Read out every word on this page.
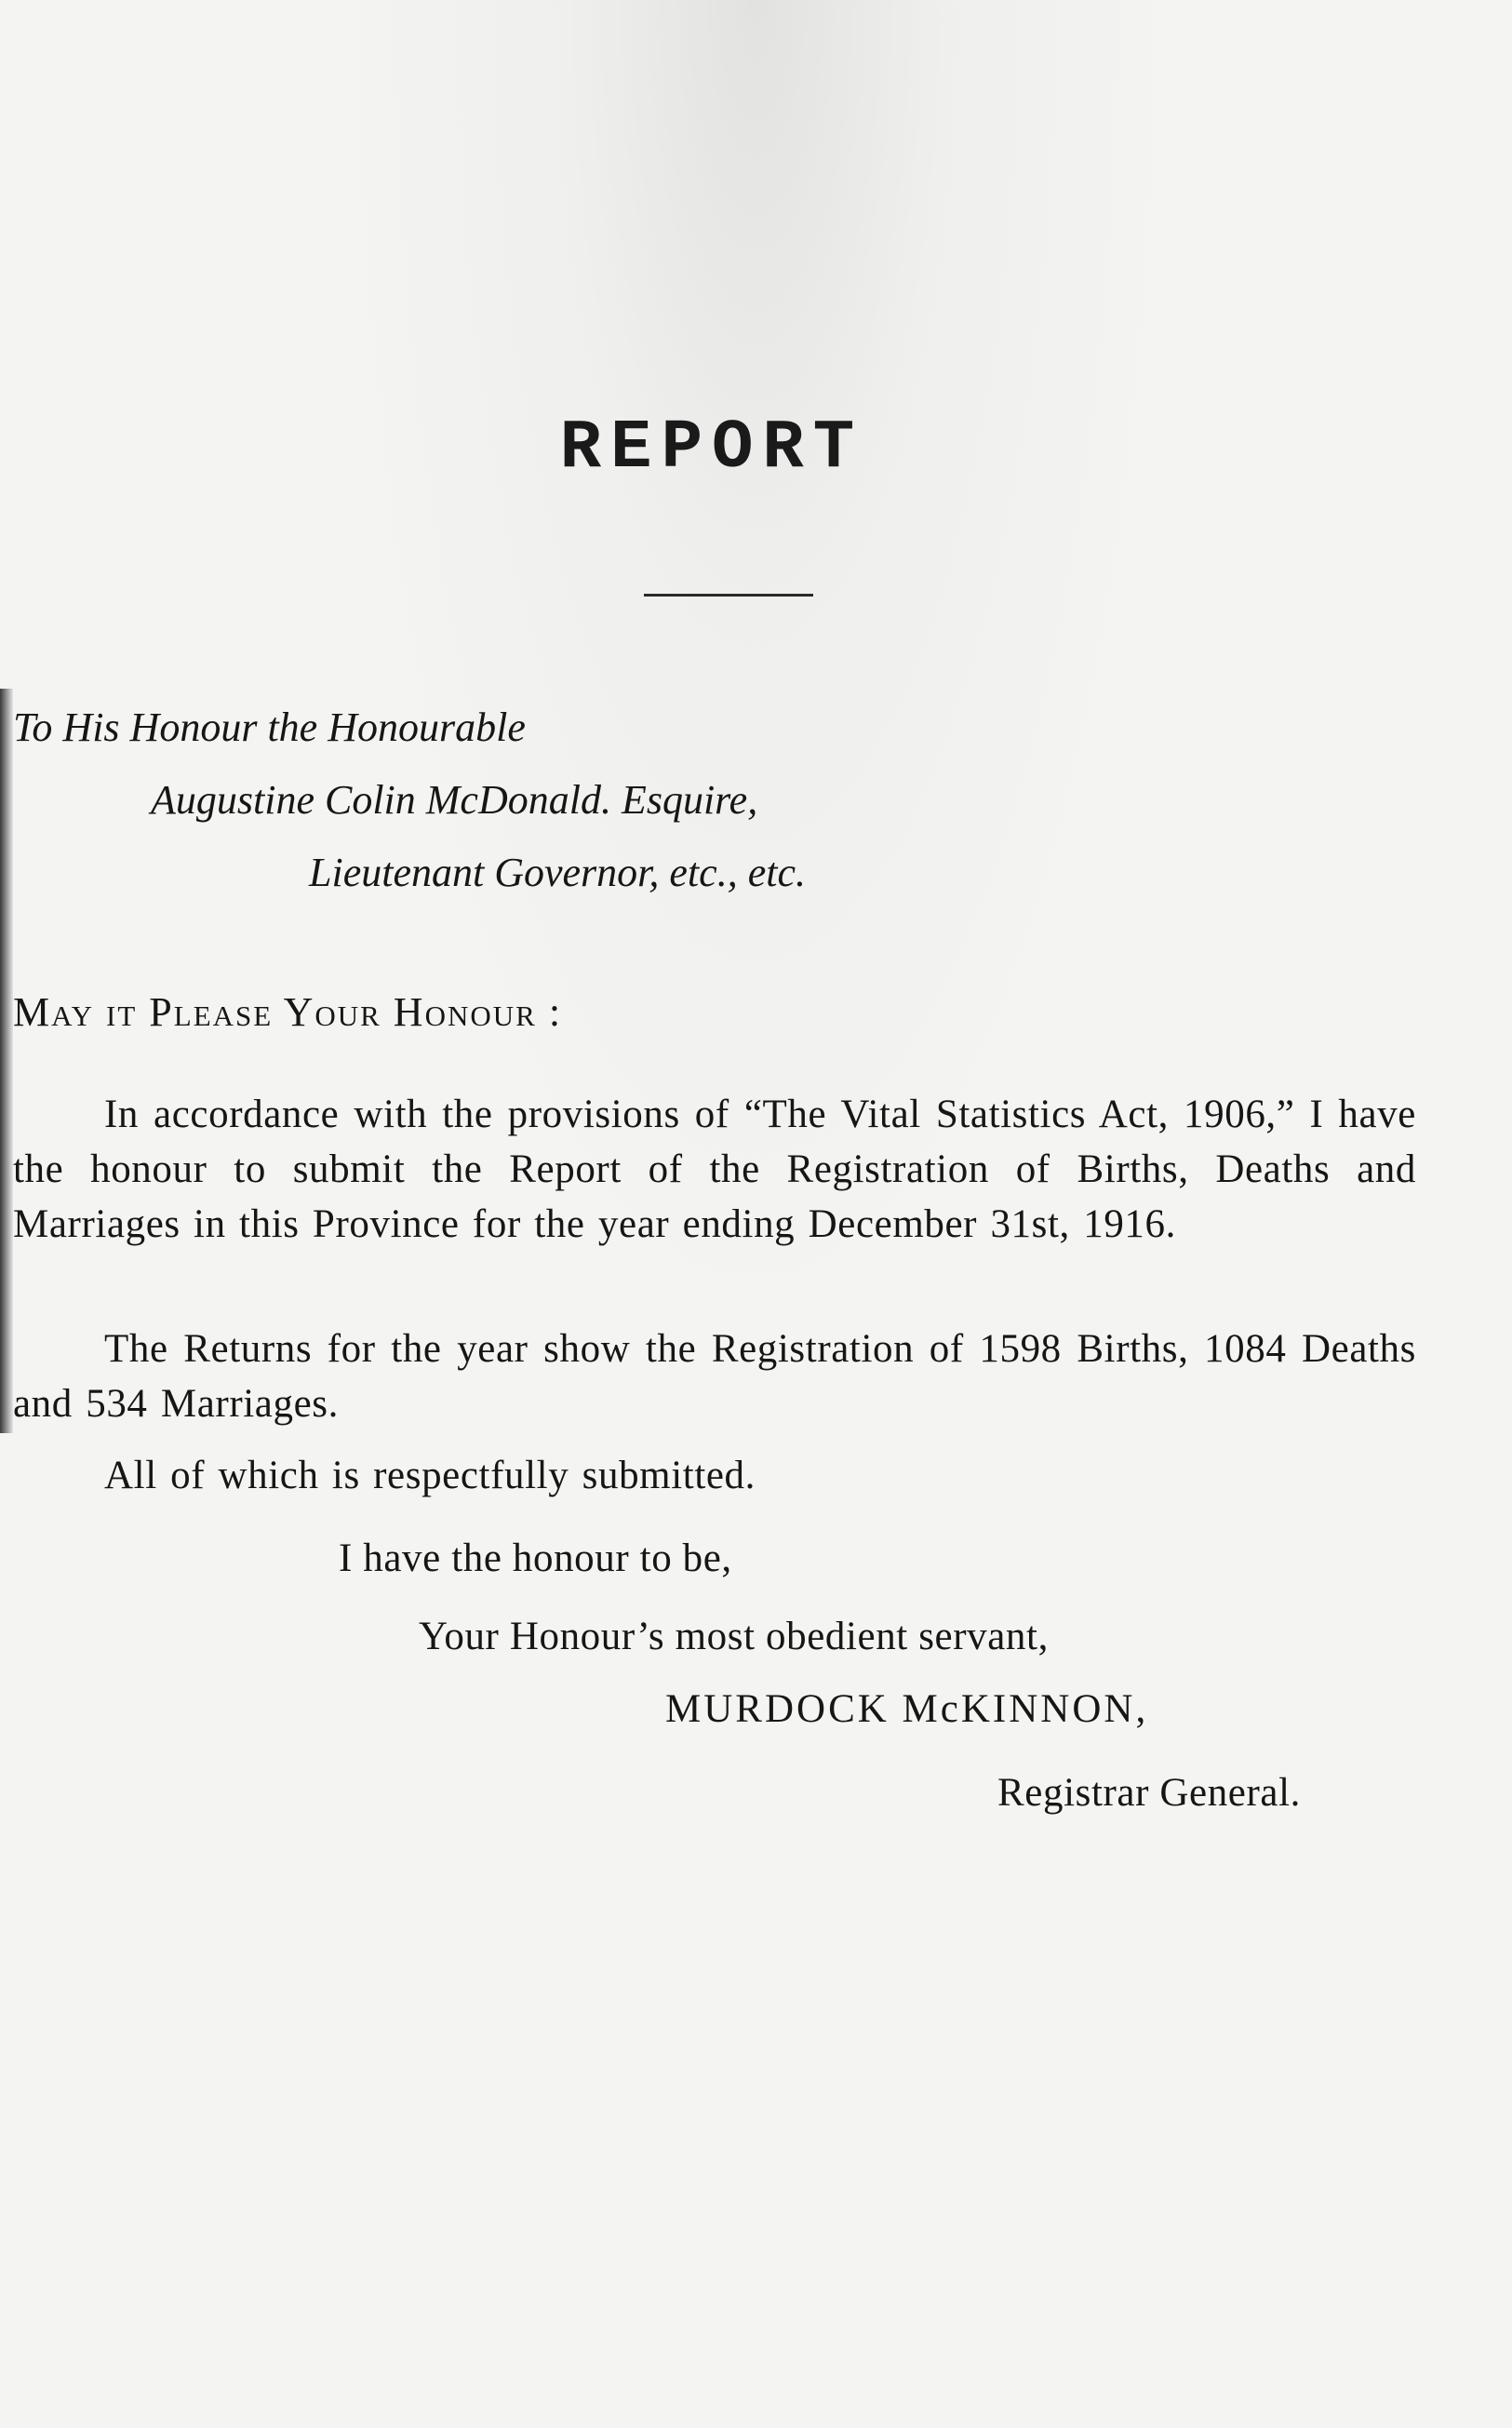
REPORT
To His Honour the Honourable
Augustine Colin McDonald. Esquire,
Lieutenant Governor, etc., etc.
May it Please Your Honour :

In accordance with the provisions of “The Vital Statistics Act, 1906,” I have the honour to submit the Report of the Registration of Births, Deaths and Marriages in this Province for the year ending December 31st, 1916.

The Returns for the year show the Registration of 1598 Births, 1084 Deaths and 534 Marriages.

All of which is respectfully submitted.

I have the honour to be,
Your Honour’s most obedient servant,
MURDOCK McKINNON,
Registrar General.
